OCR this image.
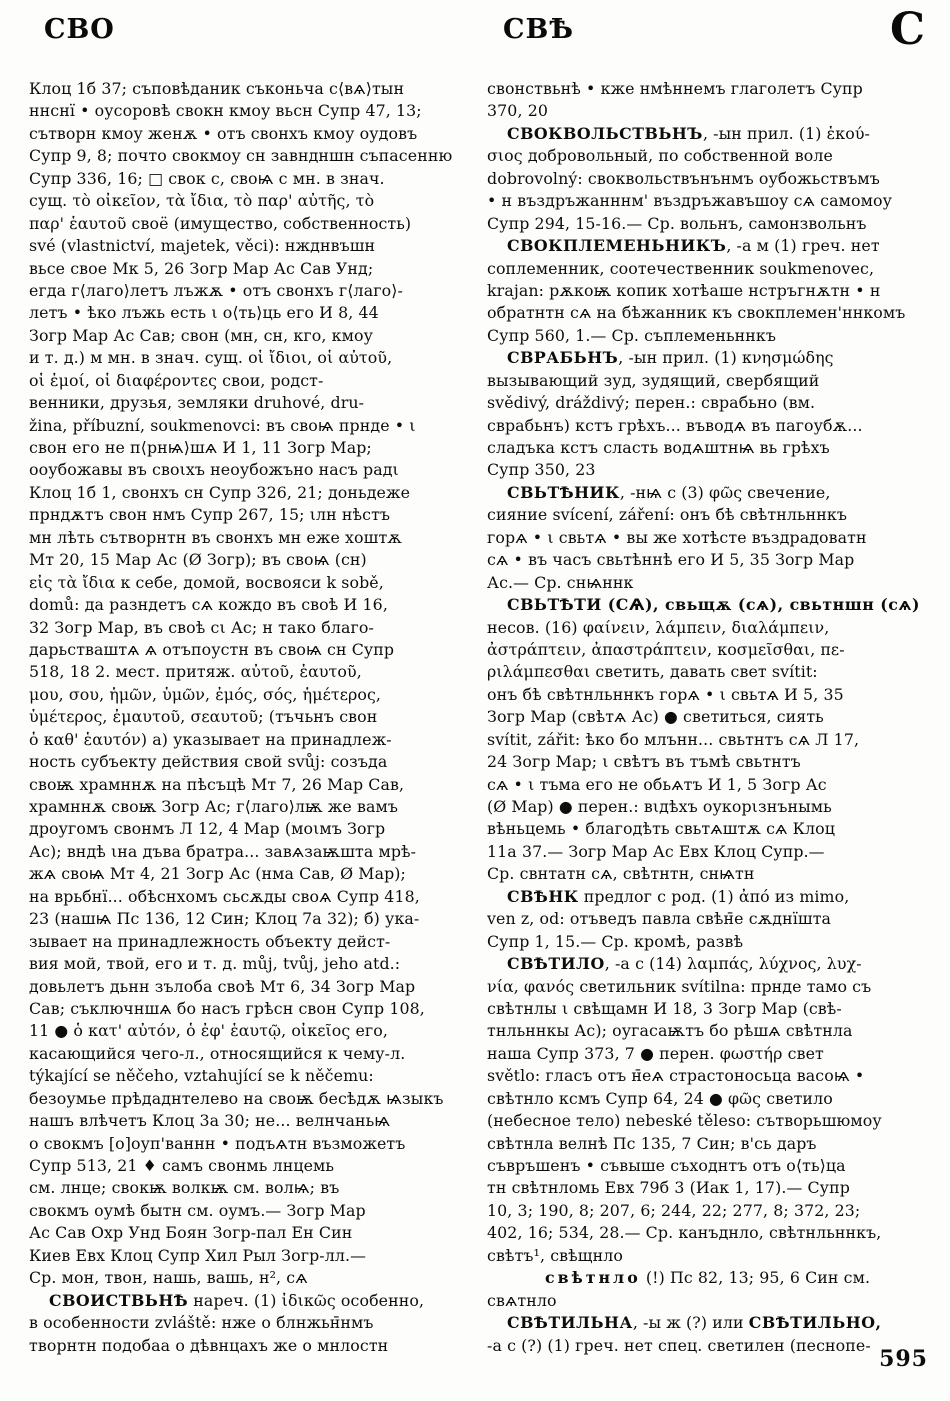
СВО	СВѢ	С
Клоц 1б 37; съповѣданик съконьча с⟨вѧ⟩тын
ннснї • оусоровѣ свокн кмоу вьсн Супр 47, 13;
сътворн кмоу женѫ • отъ свонхъ кмоу оудовъ
Супр 9, 8; почто свокмоу сн завндншн съпасенню
Супр 336, 16; □ свок с, своѩ с мн. в знач.
сущ. τὸ οἰκεῖον, τὰ ἴδια, τὸ παρ' αὐτῆς, τὸ
παρ' ἑαυτοῦ своё (имущество, собственность)
své (vlastnictví, majetek, věci): нжднвъшн
вьсе свое Мк 5, 26 Зогр Мар Ас Сав Унд;
егда г⟨лаго⟩летъ лъжѫ • отъ свонхъ г⟨лаго⟩-
летъ • ѣко лъжь есть ι о⟨ть⟩ць его И 8, 44
Зогр Мар Ас Сав; свон (мн, сн, кго, кмоу
и т. д.) м мн. в знач. сущ. οἱ ἴδιοι, οἱ αὐτοῦ,
οἱ ἐμοί, οἱ διαφέροντες свои, родст-
венники, друзья, земляки druhové, dru-
žina, příbuzní, soukmenovci: въ своѩ прнде • ι
свон его не п⟨рнѩ⟩шѧ И 1, 11 Зогр Мар;
ооубожавы въ своιхъ неоубожъно насъ радι
Клоц 1б 1, свонхъ сн Супр 326, 21; доньдеже
прндѫтъ свон нмъ Супр 267, 15; ιлн нѣстъ
мн лѣть сътворнтн въ свонхъ мн еже хоштѫ
Мт 20, 15 Мар Ас (Ø Зогр); въ своѩ (сн)
εἰς τὰ ἴδια к себе, домой, восвояси k sobě,
domů: да разндетъ сѧ кождо въ своѣ И 16,
32 Зогр Мар, въ своѣ сι Ас; н тако благо-
дарьстваштѧ ѧ отъпоустн въ своѩ сн Супр
518, 18 2. мест. притяж. αὐτοῦ, ἑαυτοῦ,
μου, σου, ἡμῶν, ὑμῶν, ἐμός, σός, ἡμέτερος,
ὑμέτερος, ἐμαυτοῦ, σεαυτοῦ; (тъчьнъ свон
ὁ καθ' ἑαυτόν) а) указывает на принадлеж-
ность субъекту действия свой svůj: созъда
своѭ храмннѫ на пѣсъцѣ Мт 7, 26 Мар Сав,
храмннѫ своѭ Зогр Ас; г⟨лаго⟩лѭ же вамъ
дроугомъ свонмъ Л 12, 4 Мар (моιмъ Зогр
Ас); вндѣ ιна дъва братра... завѧзаѭшта мрѣ-
жѧ своѩ Мт 4, 21 Зогр Ас (нма Сав, Ø Мар);
на врьбнї... обѣснхомъ сьсѫды своѧ Супр 418,
23 (нашѩ Пс 136, 12 Син; Клоц 7а 32); б) ука-
зывает на принадлежность объекту дейст-
вия мой, твой, его и т. д. můj, tvůj, jeho atd.:
довьлетъ дьнн зълоба своѣ Мт 6, 34 Зогр Мар
Сав; съключншѧ бо насъ грѣсн свон Супр 108,
11 ● ὁ κατ' αὐτόν, ὁ ἐφ' ἑαυτῷ, οἰκεῖος его,
касающийся чего-л., относящийся к чему-л.
týkající se něčeho, vztahující se k něčemu:
безоумье прѣдаднтелево на своѭ бесѣдѫ ѩзыкъ
нашъ влѣчетъ Клоц 3а 30; не... велнчаньѩ
о свокмъ [о]оуп'ваннн • подъѧтн възможетъ
Супр 513, 21 ♦ самъ свонмь лнцемь
см. лнце; свокѭ волкѭ см. волѩ; въ
свокмъ оумѣ бытн см. оумъ.— Зогр Мар
Ас Сав Охр Унд Боян Зогр-пал Ен Син
Киев Евх Клоц Супр Хил Рыл Зогр-лл.—
Ср. мон, твон, нашь, вашь, н², сѧ
СВОИСТВЬНѢ нареч. (1) ἰδικῶς особенно,
в особенности zvláště: нже о блнжьн̄нмъ
творнтн подобаа о дѣвнцахъ же о мнлостн
свонствьнѣ • кже нмѣннемъ глаголетъ Супр
370, 20
СВОКВОЛЬСТВЬНЪ, -ын прил. (1) ἑκού-
σιος добровольный, по собственной воле
dobrovolný: своквольствънънмъ оубожьствъмъ
• н въздръжанннм' въздръжавъшоу сѧ самомоу
Супр 294, 15-16.— Ср. вольнъ, самонзвольнъ
СВОКПЛЕМЕНЬНИКЪ, -а м (1) греч. нет
соплеменник, соотечественник soukmenovec,
krajan: рѫкоѭ копик хотѣаше нстръгнѫтн • н
обратнтн сѧ на бѣжанник къ свокплемен'ннкомъ
Супр 560, 1.— Ср. съплеменьннкъ
СВРАБЬНЪ, -ын прил. (1) κνησμώδης
вызывающий зуд, зудящий, свербящий
svědivý, dráždivý; перен.: сврабьно (вм.
сврабьнъ) кстъ грѣхъ... въводѧ въ пагоубѫ...
сладъка кстъ сласть водѧштнѩ вь грѣхъ
Супр 350, 23
СВЬТѢНИК, -нѩ с (3) φῶς свечение,
сияние svícení, záření: онъ бѣ свѣтнльннкъ
горѧ • ι свьтѧ • вы же хотѣсте въздрадоватн
сѧ • въ часъ свьтѣннѣ его И 5, 35 Зогр Мар
Ас.— Ср. снѩннк
СВЬТѢТИ (СѦ), свьщѫ (сѧ), свьтншн (сѧ)
несов. (16) φαίνειν, λάμπειν, διαλάμπειν,
ἀστράπτειν, ἀπαστράπτειν, κοσμεῖσθαι, πε-
ριλάμπεσθαι светить, давать свет svítit:
онъ бѣ свѣтнльннкъ горѧ • ι свьтѧ И 5, 35
Зогр Мар (свѣтѧ Ас) ● светиться, сиять
svítit, zářit: ѣко бо млънн... свьтнтъ сѧ Л 17,
24 Зогр Мар; ι свѣтъ въ тъмѣ свьтнтъ
сѧ • ι тъма его не обьѧтъ И 1, 5 Зогр Ас
(Ø Мар) ● перен.: вιдѣхъ оукорιзнънымь
вѣньцемь • благодѣть свьтѧштѫ сѧ Клоц
11а 37.— Зогр Мар Ас Евх Клоц Супр.—
Ср. свнтатн сѧ, свѣтнтн, снѩтн
СВѢНК предлог с род. (1) ἀπό из mimo,
ven z, od: отъведъ павла свѣн̄е сѫднїшта
Супр 1, 15.— Ср. кромѣ, развѣ
СВѢТИЛО, -а с (14) λαμπάς, λύχνος, λυχ-
νία, φανός светильник svítilna: прнде тамо съ
свѣтнлы ι свѣщамн И 18, 3 Зогр Мар (свѣ-
тнльннкы Ас); оугасаѭтъ бо рѣшѧ свѣтнла
наша Супр 373, 7 ● перен. φωστήρ свет
světlo: гласъ отъ н̄еѧ страстоносьца васоѩ •
свѣтнло ксмъ Супр 64, 24 ● φῶς светило
(небесное тело) nebeské těleso: сътворьшюмоу
свѣтнла велнѣ Пс 135, 7 Син; в'сь даръ
съвръшенъ • съвыше съходнтъ отъ о⟨ть⟩ца
тн свѣтнломь Евх 79б 3 (Иак 1, 17).— Супр
10, 3; 190, 8; 207, 6; 244, 22; 277, 8; 372, 23;
402, 16; 534, 28.— Ср. канъднло, свѣтнльннкъ,
свѣтъ¹, свѣщнло
свѣтнло (!) Пс 82, 13; 95, 6 Син см.
свѧтнло
СВѢТИЛЬНА, -ы ж (?) или СВѢТИЛЬНО,
-а с (?) (1) греч. нет спец. светилен (песнопе-
595
